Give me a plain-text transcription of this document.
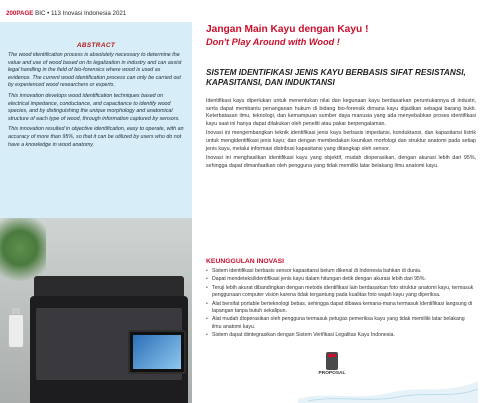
200PAGE BIC • 113 Inovasi Indonesia 2021
ABSTRACT

The wood identification process is absolutely necessary to determine the value and use of wood based on its legalization in industry and can assist legal handling in the field of bio-forensics where wood is used as evidence. The current wood identification process can only be carried out by experienced wood researchers or experts.

This innovation develops wood identification techniques based on electrical impedance, conductance, and capacitance to identify wood species, and by distinguishing the unique morphology and anatomical structure of each type of wood, through information captured by sensors.

This innovation resulted in objective identification, easy to operate, with an accuracy of more than 95%, so that it can be utilized by users who do not have a knowledge in wood anatomy.

Jangan Main Kayu dengan Kayu !
Don't Play Around with Wood !
SISTEM IDENTIFIKASI JENIS KAYU BERBASIS SIFAT RESISTANSI, KAPASITANSI, DAN INDUKTANSI

Identifikasi kayu diperlukan untuk menentukan nilai dan kegunaan kayu berdasarkan peruntukannya di industri, serta dapat membantu penanganan hukum di bidang bio-forensik dimana kayu dijadikan sebagai barang bukti. Keterbatasan ilmu, teknologi, dan kemampuan sumber daya manusia yang ada menyebabkan proses identifikasi kayu saat ini hanya dapat dilakukan oleh peneliti atau pakar berpengalaman.

Inovasi ini mengembangkan teknik identifikasi jenis kayu berbasis impedansi, konduktansi, dan kapasitansi listrik untuk mengidentifikasi jenis kayu; dan dengan membedakan keunikan morfologi dan struktur anatomi pada setiap jenis kayu, melalui informasi distribusi kapasitansi yang ditangkap oleh sensor.

Inovasi ini menghasilkan identifikasi kayu yang objektif, mudah dioperasikan, dengan akurasi lebih dari 95%, sehingga dapat dimanfaatkan oleh pengguna yang tidak memiliki latar belakang ilmu anatomi kayu.

KEUNGGULAN INOVASI
• Sistem identifikasi berbasis sensor kapasitansi belum dikenal di Indonesia bahkan di dunia.
• Dapat mendeteksi/identifikasi jenis kayu dalam hitungan detik dengan akurasi lebih dari 95%.
• Teruji lebih akurat dibandingkan dengan metode identifikasi lain berdasarkan foto struktur anatomi kayu, termasuk penggunaan computer vision karena tidak tergantung pada kualitas foto wajah kayu yang diperiksa.
• Alat bersifat portable berteknologi bebas, sehingga dapat dibawa kemana-mana termasuk identifikasi langsung di lapangan tanpa butuh sekalipun.
• Alat mudah dioperasikan oleh pengguna termasuk petugas pemeriksa kayu yang tidak memiliki latar belakang ilmu anatomi kayu.
• Sistem dapat diintegrasikan dengan Sistem Verifikasi Legalitas Kayu Indonesia.
PROPOSAL
